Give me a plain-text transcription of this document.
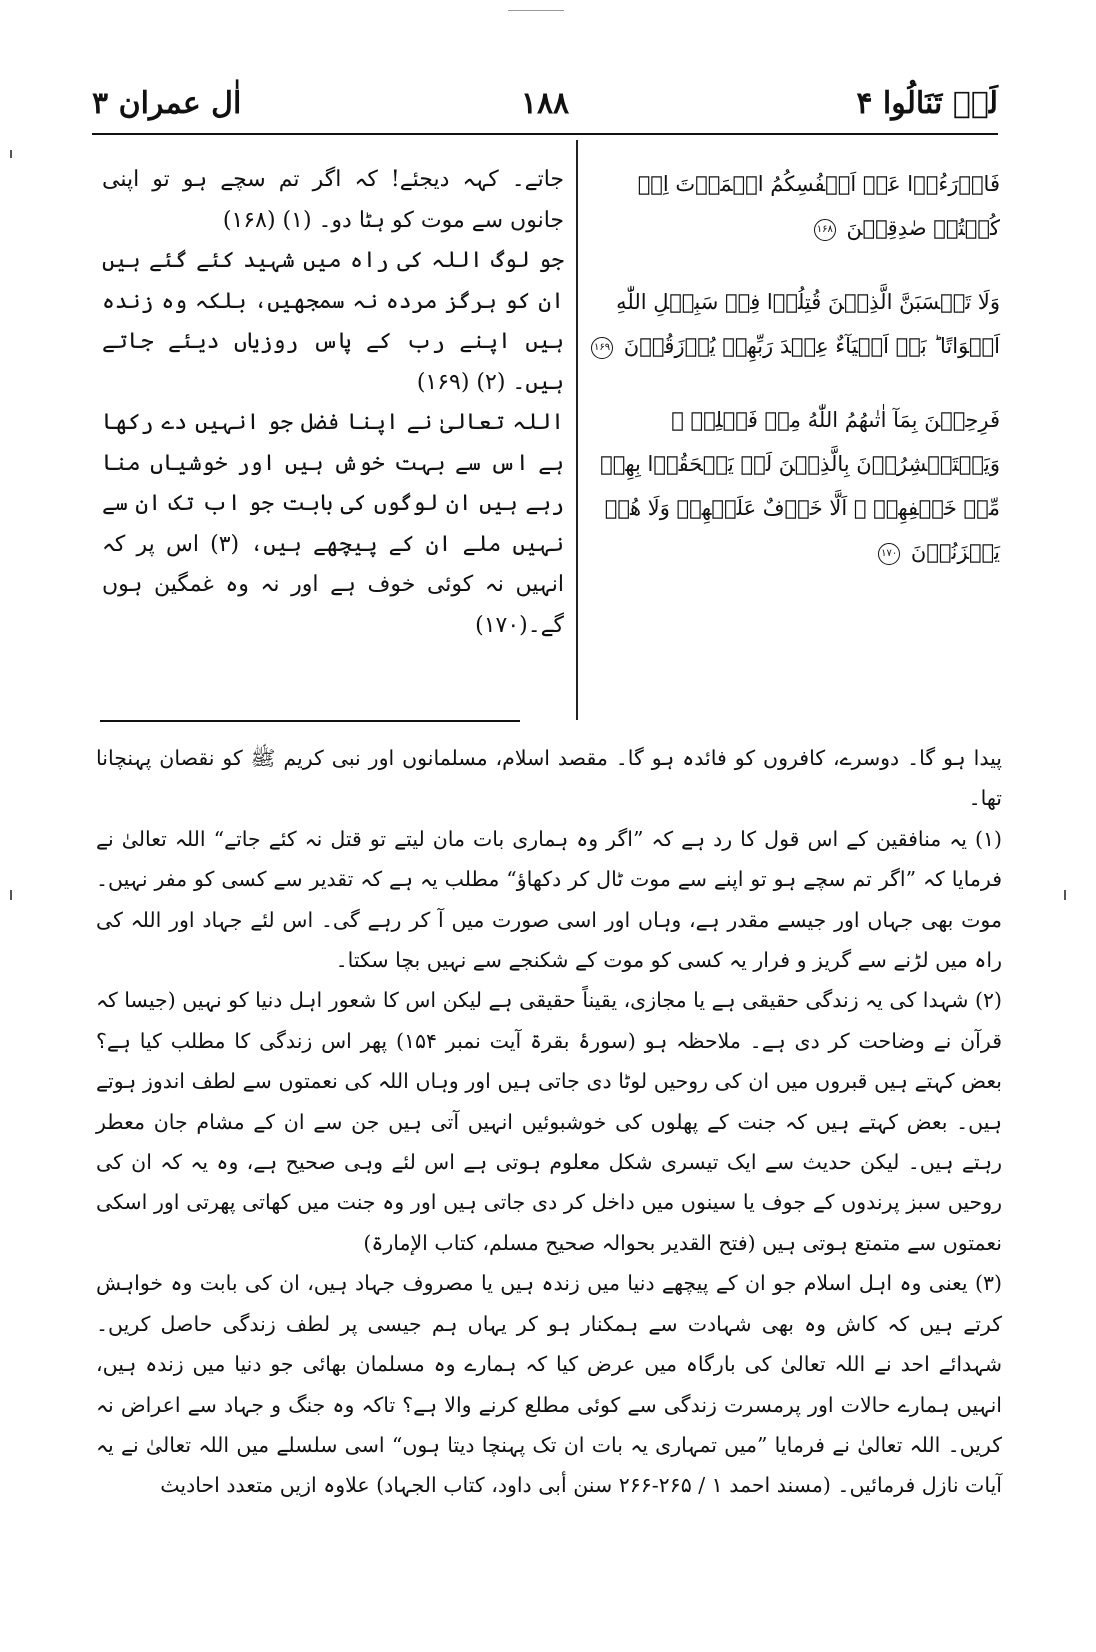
لَنۡ تَنَالُوا ۴
۱۸۸
اٰل عمران ۳

فَادۡرَءُوۡا عَنۡ اَنۡفُسِكُمُ الۡمَوۡتَ اِنۡ كُنۡتُمۡ صٰدِقِيۡنَ ۱۶۸

وَلَا تَحۡسَبَنَّ الَّذِيۡنَ قُتِلُوۡا فِىۡ سَبِيۡلِ اللّٰهِ اَمۡوَاتًا ؕ بَلۡ اَحۡيَآءٌ عِنۡدَ رَبِّهِمۡ يُرۡزَقُوۡنَ ۱۶۹

فَرِحِيۡنَ بِمَآ اٰتٰٮهُمُ اللّٰهُ مِنۡ فَضۡلِهٖ ۙ وَيَسۡتَبۡشِرُوۡنَ بِالَّذِيۡنَ لَمۡ يَلۡحَقُوۡا بِهِمۡ مِّنۡ خَلۡفِهِمۡ ۙ اَلَّا خَوۡفٌ عَلَيۡهِمۡ وَلَا هُمۡ يَحۡزَنُوۡنَ ۱۷۰

جاتے۔ کہہ دیجئے! کہ اگر تم سچے ہو تو اپنی جانوں سے موت کو ہٹا دو۔ (۱) (۱۶۸)

جو لوگ اللہ کی راہ میں شہید کئے گئے ہیں ان کو ہرگز مردہ نہ سمجھیں، بلکہ وہ زندہ ہیں اپنے رب کے پاس روزیاں دیئے جاتے ہیں۔ (۲) (۱۶۹)

اللہ تعالیٰ نے اپنا فضل جو انہیں دے رکھا ہے اس سے بہت خوش ہیں اور خوشیاں منا رہے ہیں ان لوگوں کی بابت جو اب تک ان سے نہیں ملے ان کے پیچھے ہیں، (۳) اس پر کہ انہیں نہ کوئی خوف ہے اور نہ وہ غمگین ہوں گے۔(۱۷۰)

پیدا ہو گا۔ دوسرے، کافروں کو فائدہ ہو گا۔ مقصد اسلام، مسلمانوں اور نبی کریم ﷺ کو نقصان پہنچانا تھا۔

(۱) یہ منافقین کے اس قول کا رد ہے کہ ”اگر وہ ہماری بات مان لیتے تو قتل نہ کئے جاتے“ اللہ تعالیٰ نے فرمایا کہ ”اگر تم سچے ہو تو اپنے سے موت ٹال کر دکھاؤ“ مطلب یہ ہے کہ تقدیر سے کسی کو مفر نہیں۔ موت بھی جہاں اور جیسے مقدر ہے، وہاں اور اسی صورت میں آ کر رہے گی۔ اس لئے جہاد اور اللہ کی راہ میں لڑنے سے گریز و فرار یہ کسی کو موت کے شکنجے سے نہیں بچا سکتا۔

(۲) شہدا کی یہ زندگی حقیقی ہے یا مجازی، یقیناً حقیقی ہے لیکن اس کا شعور اہل دنیا کو نہیں (جیسا کہ قرآن نے وضاحت کر دی ہے۔ ملاحظہ ہو (سورۂ بقرۃ آیت نمبر ۱۵۴) پھر اس زندگی کا مطلب کیا ہے؟ بعض کہتے ہیں قبروں میں ان کی روحیں لوٹا دی جاتی ہیں اور وہاں اللہ کی نعمتوں سے لطف اندوز ہوتے ہیں۔ بعض کہتے ہیں کہ جنت کے پھلوں کی خوشبوئیں انہیں آتی ہیں جن سے ان کے مشام جان معطر رہتے ہیں۔ لیکن حدیث سے ایک تیسری شکل معلوم ہوتی ہے اس لئے وہی صحیح ہے، وہ یہ کہ ان کی روحیں سبز پرندوں کے جوف یا سینوں میں داخل کر دی جاتی ہیں اور وہ جنت میں کھاتی پھرتی اور اسکی نعمتوں سے متمتع ہوتی ہیں (فتح القدیر بحوالہ صحیح مسلم، کتاب الإمارۃ)

(۳) یعنی وہ اہل اسلام جو ان کے پیچھے دنیا میں زندہ ہیں یا مصروف جہاد ہیں، ان کی بابت وہ خواہش کرتے ہیں کہ کاش وہ بھی شہادت سے ہمکنار ہو کر یہاں ہم جیسی پر لطف زندگی حاصل کریں۔ شہدائے احد نے اللہ تعالیٰ کی بارگاہ میں عرض کیا کہ ہمارے وہ مسلمان بھائی جو دنیا میں زندہ ہیں، انہیں ہمارے حالات اور پرمسرت زندگی سے کوئی مطلع کرنے والا ہے؟ تاکہ وہ جنگ و جہاد سے اعراض نہ کریں۔ اللہ تعالیٰ نے فرمایا ”میں تمہاری یہ بات ان تک پہنچا دیتا ہوں“ اسی سلسلے میں اللہ تعالیٰ نے یہ آیات نازل فرمائیں۔ (مسند احمد ۱ / ۲۶۵-۲۶۶ سنن أبی داود، کتاب الجہاد) علاوہ ازیں متعدد احادیث
